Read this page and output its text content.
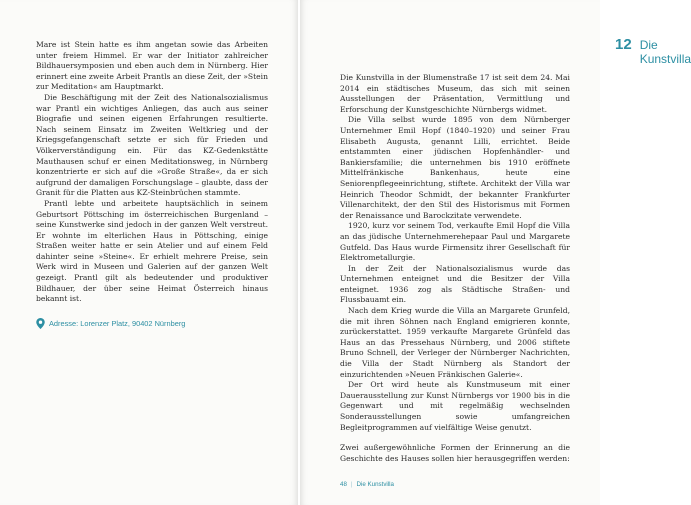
Mare ist Stein hatte es ihm angetan sowie das Arbeiten unter freiem Himmel. Er war der Initiator zahlreicher Bildhauersymposien und eben auch dem in Nürnberg. Hier erinnert eine zweite Arbeit Prantls an diese Zeit, der »Stein zur Meditation« am Hauptmarkt.

Die Beschäftigung mit der Zeit des Nationalsozialismus war Prantl ein wichtiges Anliegen, das auch aus seiner Biografie und seinen eigenen Erfahrungen resultierte. Nach seinem Einsatz im Zweiten Weltkrieg und der Kriegsgefangenschaft setzte er sich für Frieden und Völkerverständigung ein. Für das KZ-Gedenkstätte Mauthausen schuf er einen Meditationsweg, in Nürnberg konzentrierte er sich auf die »Große Straße«, da er sich aufgrund der damaligen Forschungslage – glaubte, dass der Granit für die Platten aus KZ-Steinbrüchen stammte.

Prantl lebte und arbeitete hauptsächlich in seinem Geburtsort Pöttsching im österreichischen Burgenland – seine Kunstwerke sind jedoch in der ganzen Welt verstreut. Er wohnte im elterlichen Haus in Pöttsching, einige Straßen weiter hatte er sein Atelier und auf einem Feld dahinter seine »Steine«. Er erhielt mehrere Preise, sein Werk wird in Museen und Galerien auf der ganzen Welt gezeigt. Prantl gilt als bedeutender und produktiver Bildhauer, der über seine Heimat Österreich hinaus bekannt ist.

Adresse: Lorenzer Platz, 90402 Nürnberg
12 Die Kunstvilla

Die Kunstvilla in der Blumenstraße 17 ist seit dem 24. Mai 2014 ein städtisches Museum, das sich mit seinen Ausstellungen der Präsentation, Vermittlung und Erforschung der Kunstgeschichte Nürnbergs widmet.

Die Villa selbst wurde 1895 von dem Nürnberger Unternehmer Emil Hopf (1840–1920) und seiner Frau Elisabeth Augusta, genannt Lilli, errichtet. Beide entstammten einer jüdischen Hopfenhändler- und Bankiersfamilie; die unternehmen bis 1910 eröffnete Mittelfränkische Bankenhaus, heute eine Seniorenpflegeeinrichtung, stiftete. Architekt der Villa war Heinrich Theodor Schmidt, der bekannter Frankfurter Villenarchitekt, der den Stil des Historismus mit Formen der Renaissance und Barockzitate verwendete.

1920, kurz vor seinem Tod, verkaufte Emil Hopf die Villa an das jüdische Unternehmerehepaar Paul und Margarete Gutfeld. Das Haus wurde Firmensitz ihrer Gesellschaft für Elektrometallurgie.

In der Zeit der Nationalsozialismus wurde das Unternehmen enteignet und die Besitzer der Villa enteignet. 1936 zog als Städtische Straßen- und Flussbauamt ein.

Nach dem Krieg wurde die Villa an Margarete Grunfeld, die mit ihren Söhnen nach England emigrieren konnte, zurückerstattet. 1959 verkaufte Margarete Grünfeld das Haus an das Pressehaus Nürnberg, und 2006 stiftete Bruno Schnell, der Verleger der Nürnberger Nachrichten, die Villa der Stadt Nürnberg als Standort der einzurichtenden »Neuen Fränkischen Galerie«.

Der Ort wird heute als Kunstmuseum mit einer Dauerausstellung zur Kunst Nürnbergs vor 1900 bis in die Gegenwart und mit regelmäßig wechselnden Sonderausstellungen sowie umfangreichen Begleitprogrammen auf vielfältige Weise genutzt.

Zwei außergewöhnliche Formen der Erinnerung an die Geschichte des Hauses sollen hier herausgegriffen werden:

48 | Die Kunstvilla
